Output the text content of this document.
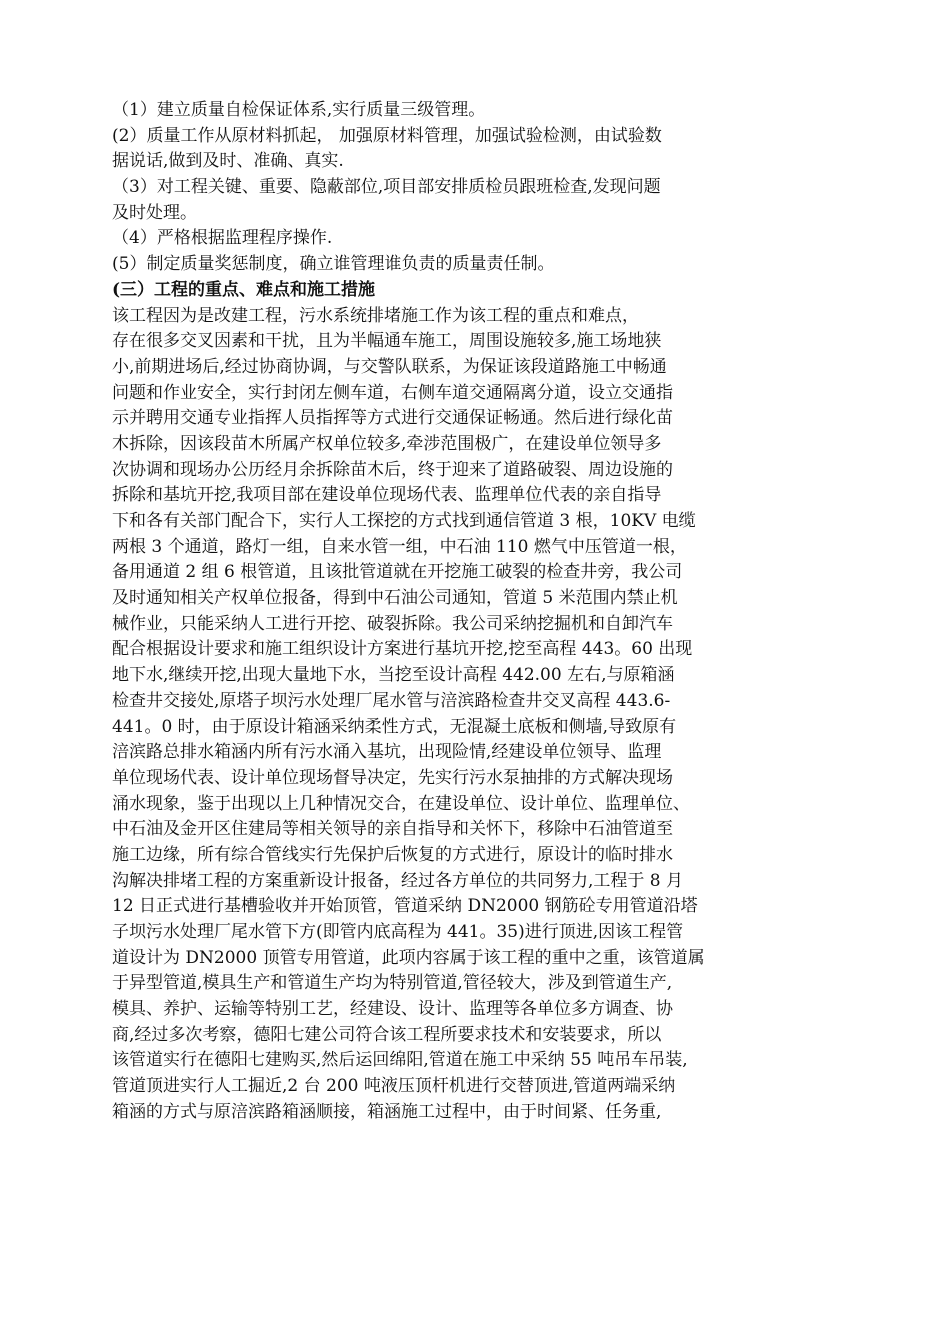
（1）建立质量自检保证体系,实行质量三级管理。
(2）质量工作从原材料抓起， 加强原材料管理，加强试验检测，由试验数
据说话,做到及时、准确、真实.
（3）对工程关键、重要、隐蔽部位,项目部安排质检员跟班检查,发现问题
及时处理。
（4）严格根据监理程序操作.
(5）制定质量奖惩制度，确立谁管理谁负责的质量责任制。
(三）工程的重点、难点和施工措施
该工程因为是改建工程，污水系统排堵施工作为该工程的重点和难点，
存在很多交叉因素和干扰，且为半幅通车施工，周围设施较多,施工场地狭
小,前期进场后,经过协商协调，与交警队联系，为保证该段道路施工中畅通
问题和作业安全，实行封闭左侧车道，右侧车道交通隔离分道，设立交通指
示并聘用交通专业指挥人员指挥等方式进行交通保证畅通。然后进行绿化苗
木拆除，因该段苗木所属产权单位较多,牵涉范围极广，在建设单位领导多
次协调和现场办公历经月余拆除苗木后，终于迎来了道路破裂、周边设施的
拆除和基坑开挖,我项目部在建设单位现场代表、监理单位代表的亲自指导
下和各有关部门配合下，实行人工探挖的方式找到通信管道 3 根，10KV 电缆
两根 3 个通道，路灯一组，自来水管一组，中石油 110 燃气中压管道一根，
备用通道 2 组 6 根管道，且该批管道就在开挖施工破裂的检查井旁，我公司
及时通知相关产权单位报备，得到中石油公司通知，管道 5 米范围内禁止机
械作业，只能采纳人工进行开挖、破裂拆除。我公司采纳挖掘机和自卸汽车
配合根据设计要求和施工组织设计方案进行基坑开挖,挖至高程 443。60 出现
地下水,继续开挖,出现大量地下水，当挖至设计高程 442.00 左右,与原箱涵
检查井交接处,原塔子坝污水处理厂尾水管与涪滨路检查井交叉高程 443.6-
441。0 时，由于原设计箱涵采纳柔性方式，无混凝土底板和侧墙,导致原有
涪滨路总排水箱涵内所有污水涌入基坑，出现险情,经建设单位领导、监理
单位现场代表、设计单位现场督导决定，先实行污水泵抽排的方式解决现场
涌水现象，鉴于出现以上几种情况交合，在建设单位、设计单位、监理单位、
中石油及金开区住建局等相关领导的亲自指导和关怀下，移除中石油管道至
施工边缘，所有综合管线实行先保护后恢复的方式进行，原设计的临时排水
沟解决排堵工程的方案重新设计报备，经过各方单位的共同努力,工程于 8 月
12 日正式进行基槽验收并开始顶管，管道采纳 DN2000 钢筋砼专用管道沿塔
子坝污水处理厂尾水管下方(即管内底高程为 441。35)进行顶进,因该工程管
道设计为 DN2000 顶管专用管道，此项内容属于该工程的重中之重，该管道属
于异型管道,模具生产和管道生产均为特别管道,管径较大，涉及到管道生产,
模具、养护、运输等特别工艺，经建设、设计、监理等各单位多方调查、协
商,经过多次考察，德阳七建公司符合该工程所要求技术和安装要求，所以
该管道实行在德阳七建购买,然后运回绵阳,管道在施工中采纳 55 吨吊车吊装,
管道顶进实行人工掘近,2 台 200 吨液压顶杆机进行交替顶进,管道两端采纳
箱涵的方式与原涪滨路箱涵顺接，箱涵施工过程中，由于时间紧、任务重,
